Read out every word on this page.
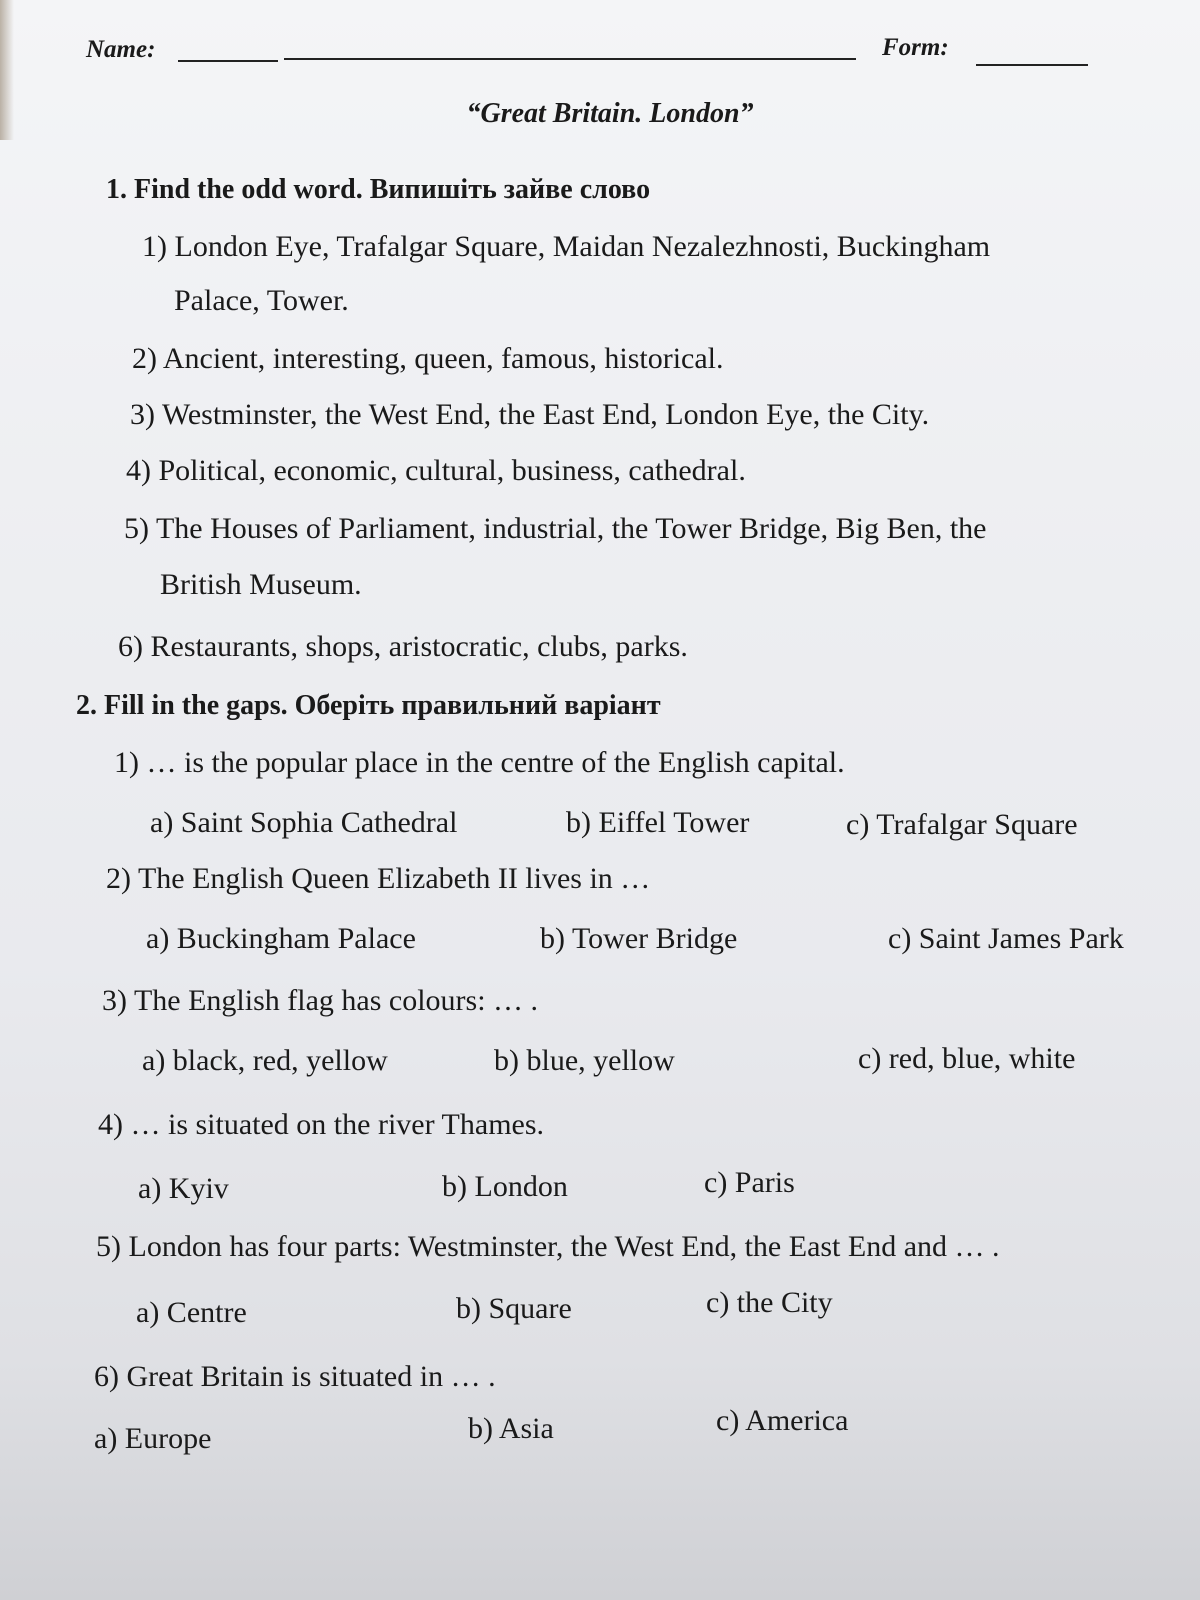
Name:	Form:
“Great Britain. London”
1. Find the odd word. Випишіть зайве слово
1) London Eye, Trafalgar Square, Maidan Nezalezhnosti, Buckingham
Palace, Tower.
2) Ancient, interesting, queen, famous, historical.
3) Westminster, the West End, the East End, London Eye, the City.
4) Political, economic, cultural, business, cathedral.
5) The Houses of Parliament, industrial, the Tower Bridge, Big Ben, the
British Museum.
6) Restaurants, shops, aristocratic, clubs, parks.
2. Fill in the gaps. Оберіть правильний варіант
1) … is the popular place in the centre of the English capital.
a) Saint Sophia Cathedral	b) Eiffel Tower	c) Trafalgar Square
2) The English Queen Elizabeth II lives in …
a) Buckingham Palace	b) Tower Bridge	c) Saint James Park
3) The English flag has colours: … .
a) black, red, yellow	b) blue, yellow	c) red, blue, white
4) … is situated on the river Thames.
a) Kyiv	b) London	c) Paris
5) London has four parts: Westminster, the West End, the East End and … .
a) Centre	b) Square	c) the City
6) Great Britain is situated in … .
a) Europe	b) Asia	c) America
